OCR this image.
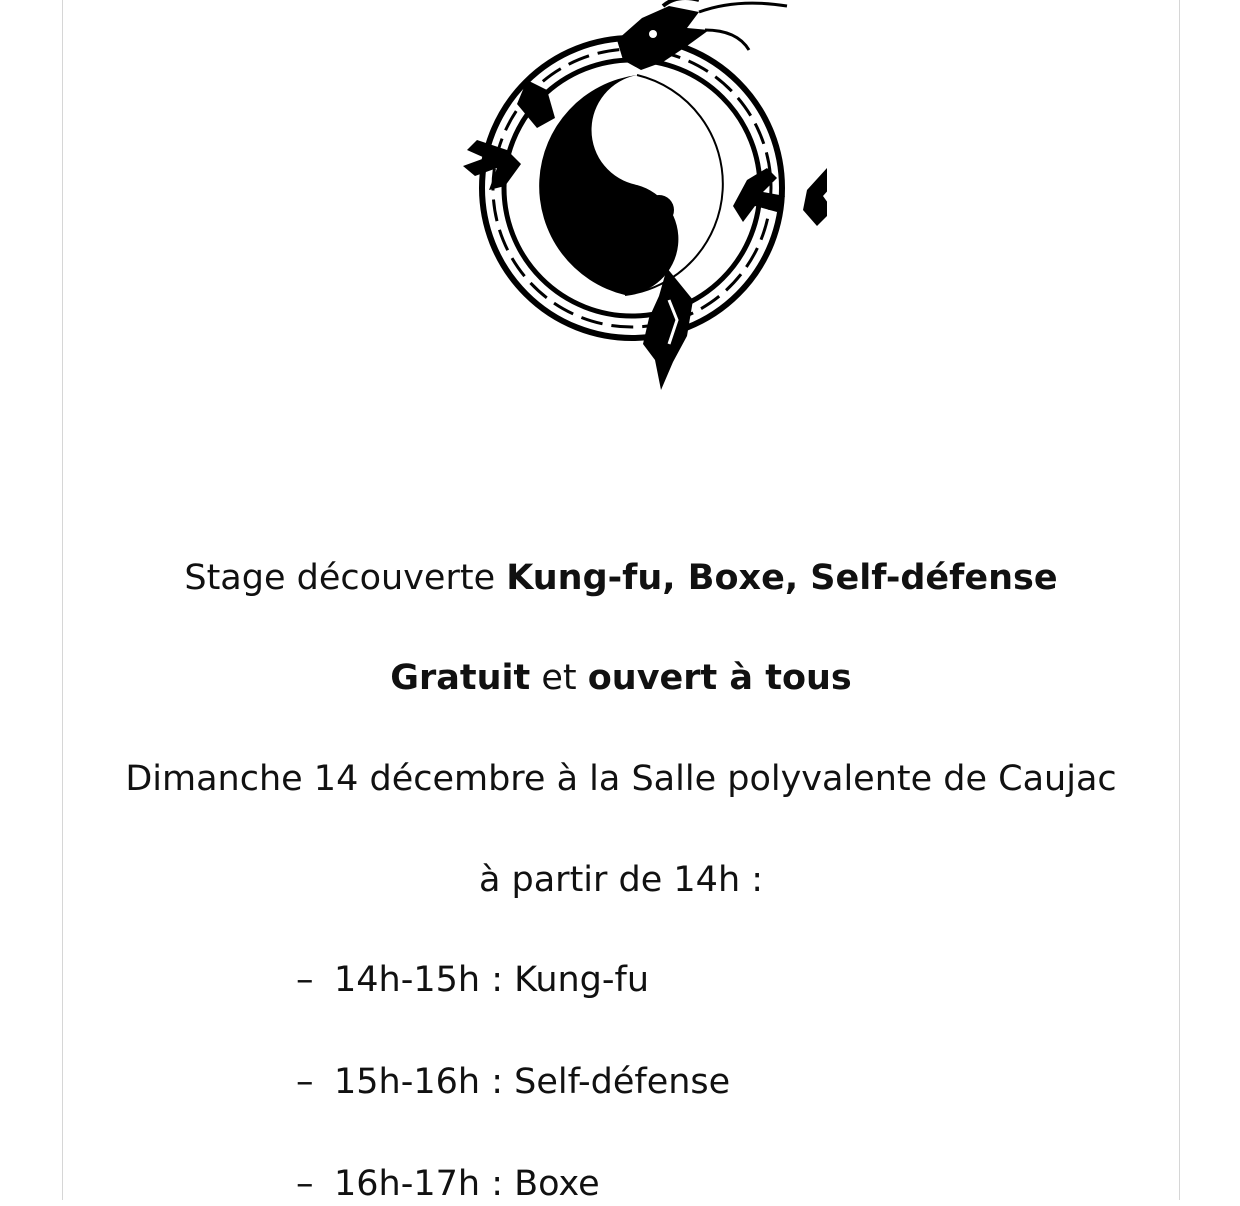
Stage découverte Kung-fu, Boxe, Self-défense
Gratuit et ouvert à tous
Dimanche 14 décembre à la Salle polyvalente de Caujac
à partir de 14h :
– 14h-15h : Kung-fu
– 15h-16h : Self-défense
– 16h-17h : Boxe
